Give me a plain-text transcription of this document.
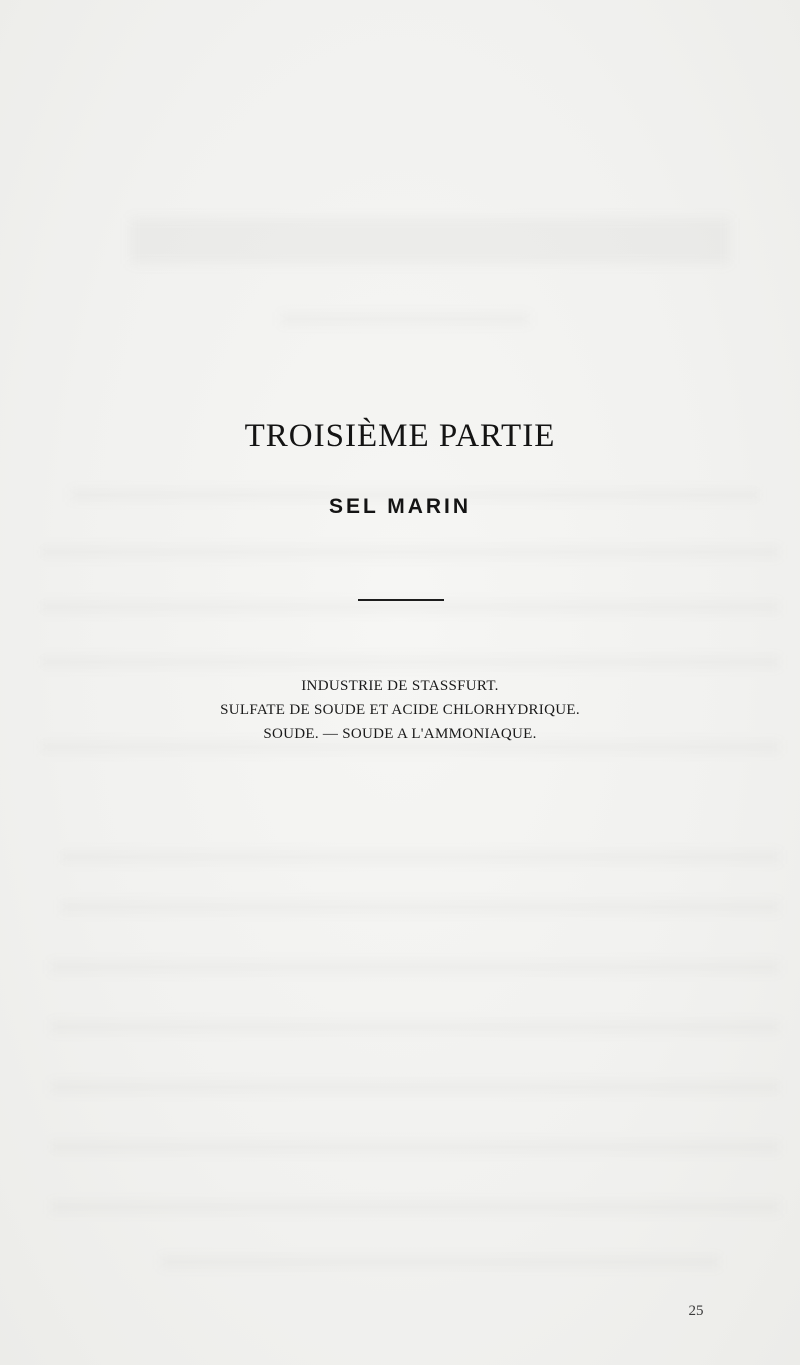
TROISIÈME PARTIE
SEL MARIN
INDUSTRIE DE STASSFURT.
SULFATE DE SOUDE ET ACIDE CHLORHYDRIQUE.
SOUDE. — SOUDE A L'AMMONIAQUE.
25
